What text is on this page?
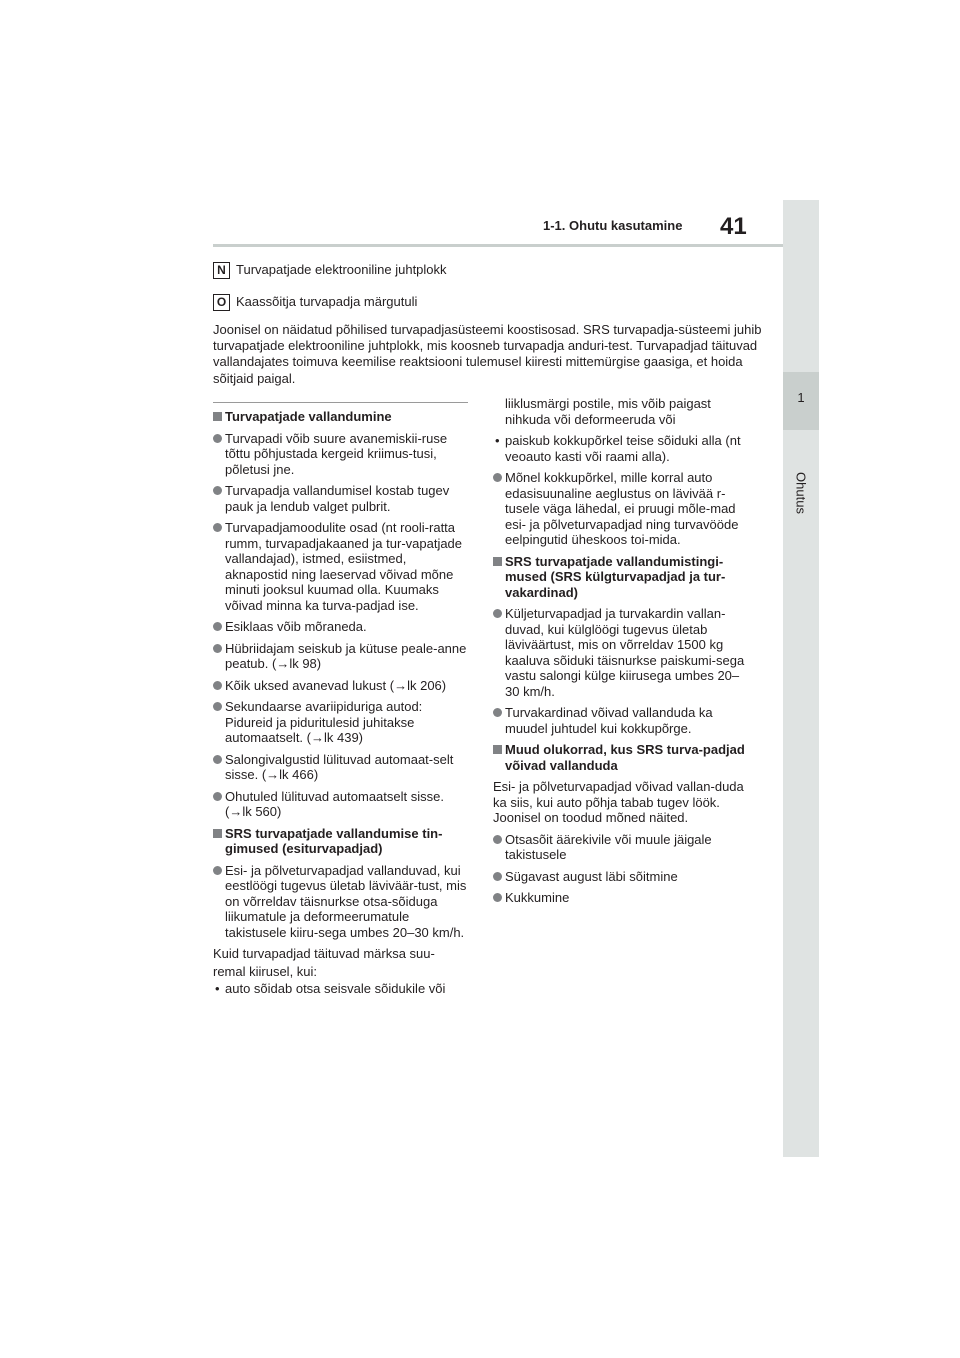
1
Ohutus
1-1. Ohutu kasutamine 41
N Turvapatjade elektrooniline juhtplokk
O Kaassõitja turvapadja märgutuli
Joonisel on näidatud põhilised turvapadjasüsteemi koostisosad. SRS turvapadja-süsteemi juhib turvapatjade elektrooniline juhtplokk, mis koosneb turvapadja anduri-test. Turvapadjad täituvad vallandajates toimuva keemilise reaktsiooni tulemusel kiiresti mittemürgise gaasiga, et hoida sõitjaid paigal.
Turvapatjade vallandumine
Turvapadi võib suure avanemiskii-ruse tõttu põhjustada kergeid kriimus-tusi, põletusi jne.
Turvapadja vallandumisel kostab tugev pauk ja lendub valget pulbrit.
Turvapadjamoodulite osad (nt rooli-ratta rumm, turvapadjakaaned ja tur-vapatjade vallandajad), istmed, esiistmed, aknapostid ning laeservad võivad mõne minuti jooksul kuumad olla. Kuumaks võivad minna ka turva-padjad ise.
Esiklaas võib mõraneda.
Hübriidajam seiskub ja kütuse peale-anne peatub. (→lk 98)
Kõik uksed avanevad lukust (→lk 206)
Sekundaarse avariipiduriga autod: Pidureid ja piduritulesid juhitakse automaatselt. (→lk 439)
Salongivalgustid lülituvad automaat-selt sisse. (→lk 466)
Ohutuled lülituvad automaatselt sisse. (→lk 560)
SRS turvapatjade vallandumise tin-gimused (esiturvapadjad)
Esi- ja põlveturvapadjad vallanduvad, kui eestlöögi tugevus ületab läviväär-tust, mis on võrreldav täisnurkse otsa-sõiduga liikumatule ja deformeerumatule takistusele kiiru-sega umbes 20–30 km/h.
Kuid turvapadjad täituvad märksa suu-
remal kiirusel, kui:
• auto sõidab otsa seisvale sõidukile või
liiklusmärgi postile, mis võib paigast nihkuda või deformeeruda või
• paiskub kokkupõrkel teise sõiduki alla (nt veoauto kasti või raami alla).
Mõnel kokkupõrkel, mille korral auto edasisuunaline aeglustus on lävivää r-tusele väga lähedal, ei pruugi mõle-mad esi- ja põlveturvapadjad ning turvavööde eelpingutid üheskoos toi-mida.
SRS turvapatjade vallandumistingi-mused (SRS külgturvapadjad ja tur-vakardinad)
Küljeturvapadjad ja turvakardin vallan-duvad, kui külglöögi tugevus ületab läviväärtust, mis on võrreldav 1500 kg kaaluva sõiduki täisnurkse paiskumi-sega vastu salongi külge kiirusega umbes 20–30 km/h.
Turvakardinad võivad vallanduda ka muudel juhtudel kui kokkupõrge.
Muud olukorrad, kus SRS turva-padjad võivad vallanduda
Esi- ja põlveturvapadjad võivad vallan-duda ka siis, kui auto põhja tabab tugev löök. Joonisel on toodud mõned näited.
Otsasõit äärekivile või muule jäigale takistusele
Sügavast august läbi sõitmine
Kukkumine
